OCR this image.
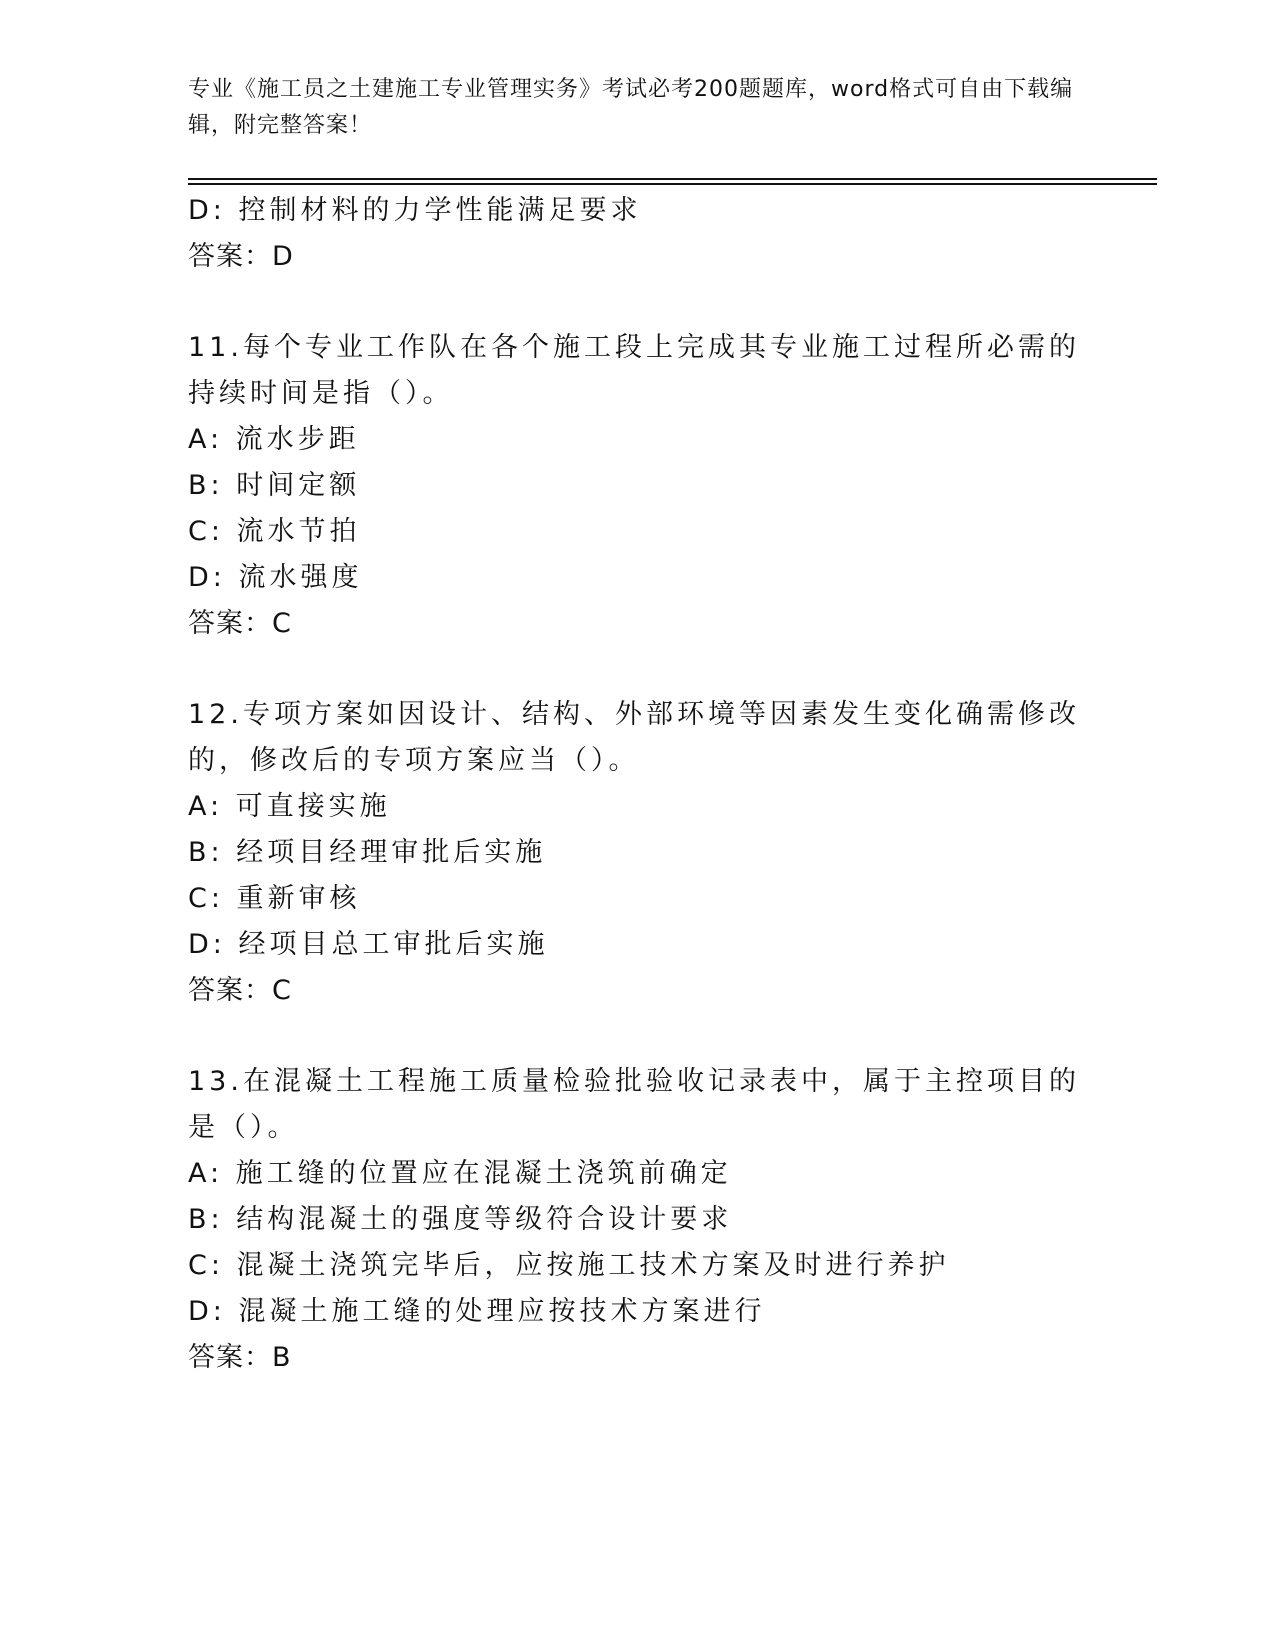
专业《施工员之土建施工专业管理实务》考试必考200题题库，word格式可自由下载编辑，附完整答案！
D: 控制材料的力学性能满足要求
答案：D
11.每个专业工作队在各个施工段上完成其专业施工过程所必需的持续时间是指（）。
A: 流水步距
B: 时间定额
C: 流水节拍
D: 流水强度
答案：C
12.专项方案如因设计、结构、外部环境等因素发生变化确需修改的，修改后的专项方案应当（）。
A: 可直接实施
B: 经项目经理审批后实施
C: 重新审核
D: 经项目总工审批后实施
答案：C
13.在混凝土工程施工质量检验批验收记录表中，属于主控项目的是（）。
A: 施工缝的位置应在混凝土浇筑前确定
B: 结构混凝土的强度等级符合设计要求
C: 混凝土浇筑完毕后，应按施工技术方案及时进行养护
D: 混凝土施工缝的处理应按技术方案进行
答案：B
